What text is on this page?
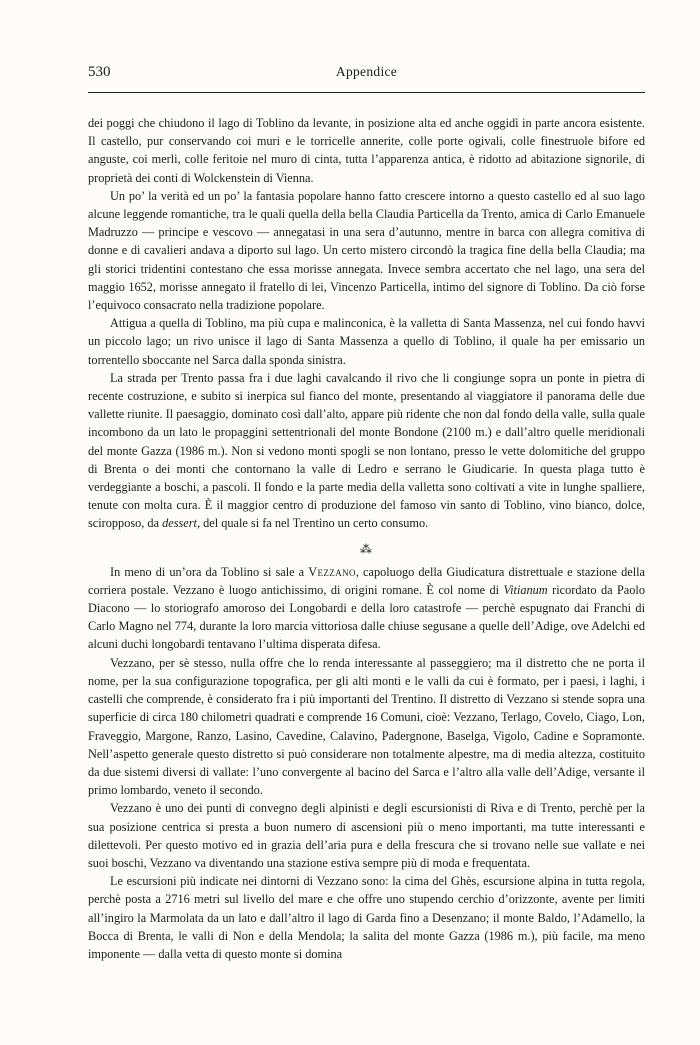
530	Appendice

dei poggi che chiudono il lago di Toblino da levante, in posizione alta ed anche oggidì in parte ancora esistente. Il castello, pur conservando coi muri e le torricelle annerite, colle porte ogivali, colle finestruole bifore ed anguste, coi merli, colle feritoie nel muro di cinta, tutta l’apparenza antica, è ridotto ad abitazione signorile, di proprietà dei conti di Wolckenstein di Vienna.

Un po’ la verità ed un po’ la fantasia popolare hanno fatto crescere intorno a questo castello ed al suo lago alcune leggende romantiche, tra le quali quella della bella Claudia Particella da Trento, amica di Carlo Emanuele Madruzzo — principe e vescovo — annegatasi in una sera d’autunno, mentre in barca con allegra comitiva di donne e di cavalieri andava a diporto sul lago. Un certo mistero circondò la tragica fine della bella Claudia; ma gli storici tridentini contestano che essa morisse annegata. Invece sembra accertato che nel lago, una sera del maggio 1652, morisse annegato il fratello di lei, Vincenzo Particella, intimo del signore di Toblino. Da ciò forse l’equivoco consacrato nella tradizione popolare.

Attigua a quella di Toblino, ma più cupa e malinconica, è la valletta di Santa Massenza, nel cui fondo havvi un piccolo lago; un rivo unisce il lago di Santa Massenza a quello di Toblino, il quale ha per emissario un torrentello sboccante nel Sarca dalla sponda sinistra.

La strada per Trento passa fra i due laghi cavalcando il rivo che li congiunge sopra un ponte in pietra di recente costruzione, e subito si inerpica sul fianco del monte, presentando al viaggiatore il panorama delle due vallette riunite. Il paesaggio, dominato così dall’alto, appare più ridente che non dal fondo della valle, sulla quale incombono da un lato le propaggini settentrionali del monte Bondone (2100 m.) e dall’altro quelle meridionali del monte Gazza (1986 m.). Non si vedono monti spogli se non lontano, presso le vette dolomitiche del gruppo di Brenta o dei monti che contornano la valle di Ledro e serrano le Giudicarie. In questa plaga tutto è verdeggiante a boschi, a pascoli. Il fondo e la parte media della valletta sono coltivati a vite in lunghe spalliere, tenute con molta cura. È il maggior centro di produzione del famoso vin santo di Toblino, vino bianco, dolce, sciropposo, da dessert, del quale si fa nel Trentino un certo consumo.

⁂

In meno di un’ora da Toblino si sale a Vezzano, capoluogo della Giudicatura distrettuale e stazione della corriera postale. Vezzano è luogo antichissimo, di origini romane. È col nome di Vitianum ricordato da Paolo Diacono — lo storiografo amoroso dei Longobardi e della loro catastrofe — perchè espugnato dai Franchi di Carlo Magno nel 774, durante la loro marcia vittoriosa dalle chiuse segusane a quelle dell’Adige, ove Adelchi ed alcuni duchi longobardi tentavano l’ultima disperata difesa.

Vezzano, per sè stesso, nulla offre che lo renda interessante al passeggiero; ma il distretto che ne porta il nome, per la sua configurazione topografica, per gli alti monti e le valli da cui è formato, per i paesi, i laghi, i castelli che comprende, è considerato fra i più importanti del Trentino. Il distretto di Vezzano si stende sopra una superficie di circa 180 chilometri quadrati e comprende 16 Comuni, cioè: Vezzano, Terlago, Covelo, Ciago, Lon, Fraveggio, Margone, Ranzo, Lasino, Cavedine, Calavino, Padergnone, Baselga, Vigolo, Cadine e Sopramonte. Nell’aspetto generale questo distretto si può considerare non totalmente alpestre, ma di media altezza, costituito da due sistemi diversi di vallate: l’uno convergente al bacino del Sarca e l’altro alla valle dell’Adige, versante il primo lombardo, veneto il secondo.

Vezzano è uno dei punti di convegno degli alpinisti e degli escursionisti di Riva e di Trento, perchè per la sua posizione centrica si presta a buon numero di ascensioni più o meno importanti, ma tutte interessanti e dilettevoli. Per questo motivo ed in grazia dell’aria pura e della frescura che si trovano nelle sue vallate e nei suoi boschi, Vezzano va diventando una stazione estiva sempre più di moda e frequentata.

Le escursioni più indicate nei dintorni di Vezzano sono: la cima del Ghès, escursione alpina in tutta regola, perchè posta a 2716 metri sul livello del mare e che offre uno stupendo cerchio d’orizzonte, avente per limiti all’ingiro la Marmolata da un lato e dall’altro il lago di Garda fino a Desenzano; il monte Baldo, l’Adamello, la Bocca di Brenta, le valli di Non e della Mendola; la salita del monte Gazza (1986 m.), più facile, ma meno imponente — dalla vetta di questo monte si domina
